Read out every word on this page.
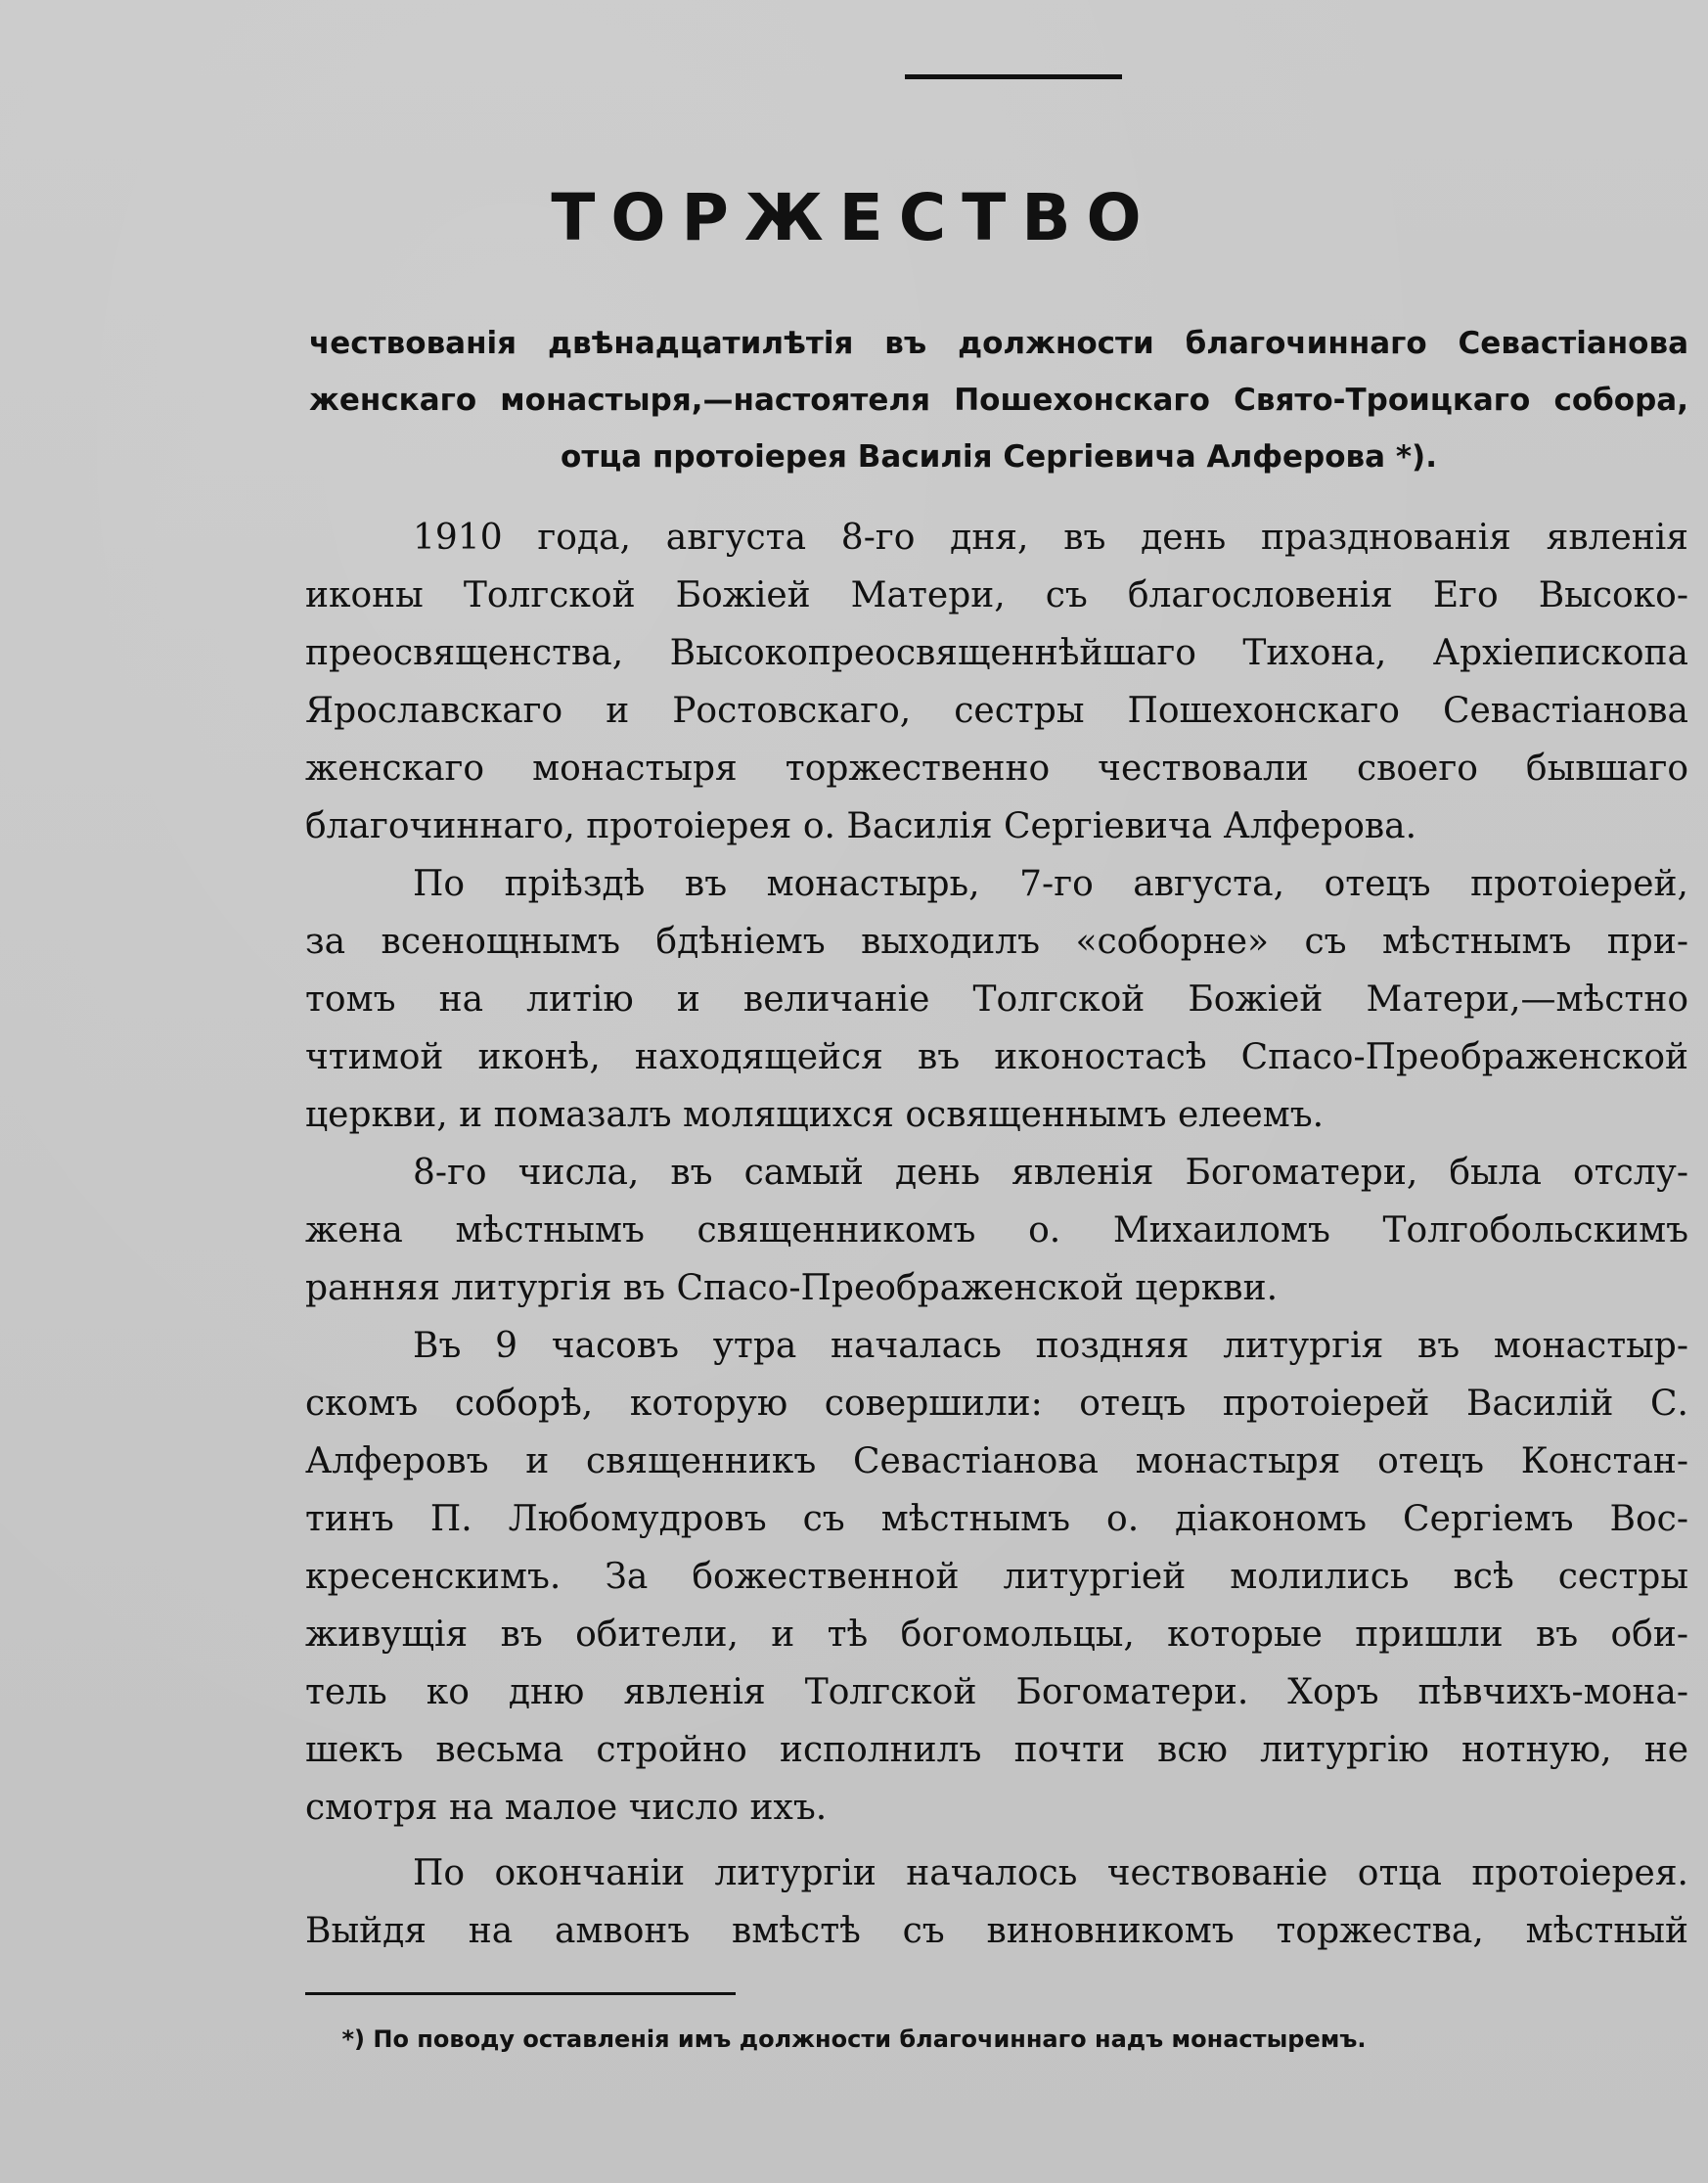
ТОРЖЕСТВО
чествованія двѣнадцатилѣтія въ должности благочиннаго Севастіанова
женскаго монастыря,—настоятеля Пошехонскаго Свято-Троицкаго собора,
отца протоіерея Василія Сергіевича Алферова *).
1910 года, августа 8-го дня, въ день празднованія явленія
иконы Толгской Божіей Матери, съ благословенія Его Высоко-
преосвященства, Высокопреосвященнѣйшаго Тихона, Архіепископа
Ярославскаго и Ростовскаго, сестры Пошехонскаго Севастіанова
женскаго монастыря торжественно чествовали своего бывшаго
благочиннаго, протоіерея о. Василія Сергіевича Алферова.
По пріѣздѣ въ монастырь, 7-го августа, отецъ протоіерей,
за всенощнымъ бдѣніемъ выходилъ «соборне» съ мѣстнымъ при-
томъ на литію и величаніе Толгской Божіей Матери,—мѣстно
чтимой иконѣ, находящейся въ иконостасѣ Спасо-Преображенской
церкви, и помазалъ молящихся освященнымъ елеемъ.
8-го числа, въ самый день явленія Богоматери, была отслу-
жена мѣстнымъ священникомъ о. Михаиломъ Толгобольскимъ
ранняя литургія въ Спасо-Преображенской церкви.
Въ 9 часовъ утра началась поздняя литургія въ монастыр-
скомъ соборѣ, которую совершили: отецъ протоіерей Василій С.
Алферовъ и священникъ Севастіанова монастыря отецъ Констан-
тинъ П. Любомудровъ съ мѣстнымъ о. діакономъ Сергіемъ Вос-
кресенскимъ. За божественной литургіей молились всѣ сестры
живущія въ обители, и тѣ богомольцы, которые пришли въ оби-
тель ко дню явленія Толгской Богоматери. Хоръ пѣвчихъ-мона-
шекъ весьма стройно исполнилъ почти всю литургію нотную, не
смотря на малое число ихъ.
По окончаніи литургіи началось чествованіе отца протоіерея.
Выйдя на амвонъ вмѣстѣ съ виновникомъ торжества, мѣстный
*) По поводу оставленія имъ должности благочиннаго надъ монастыремъ.
